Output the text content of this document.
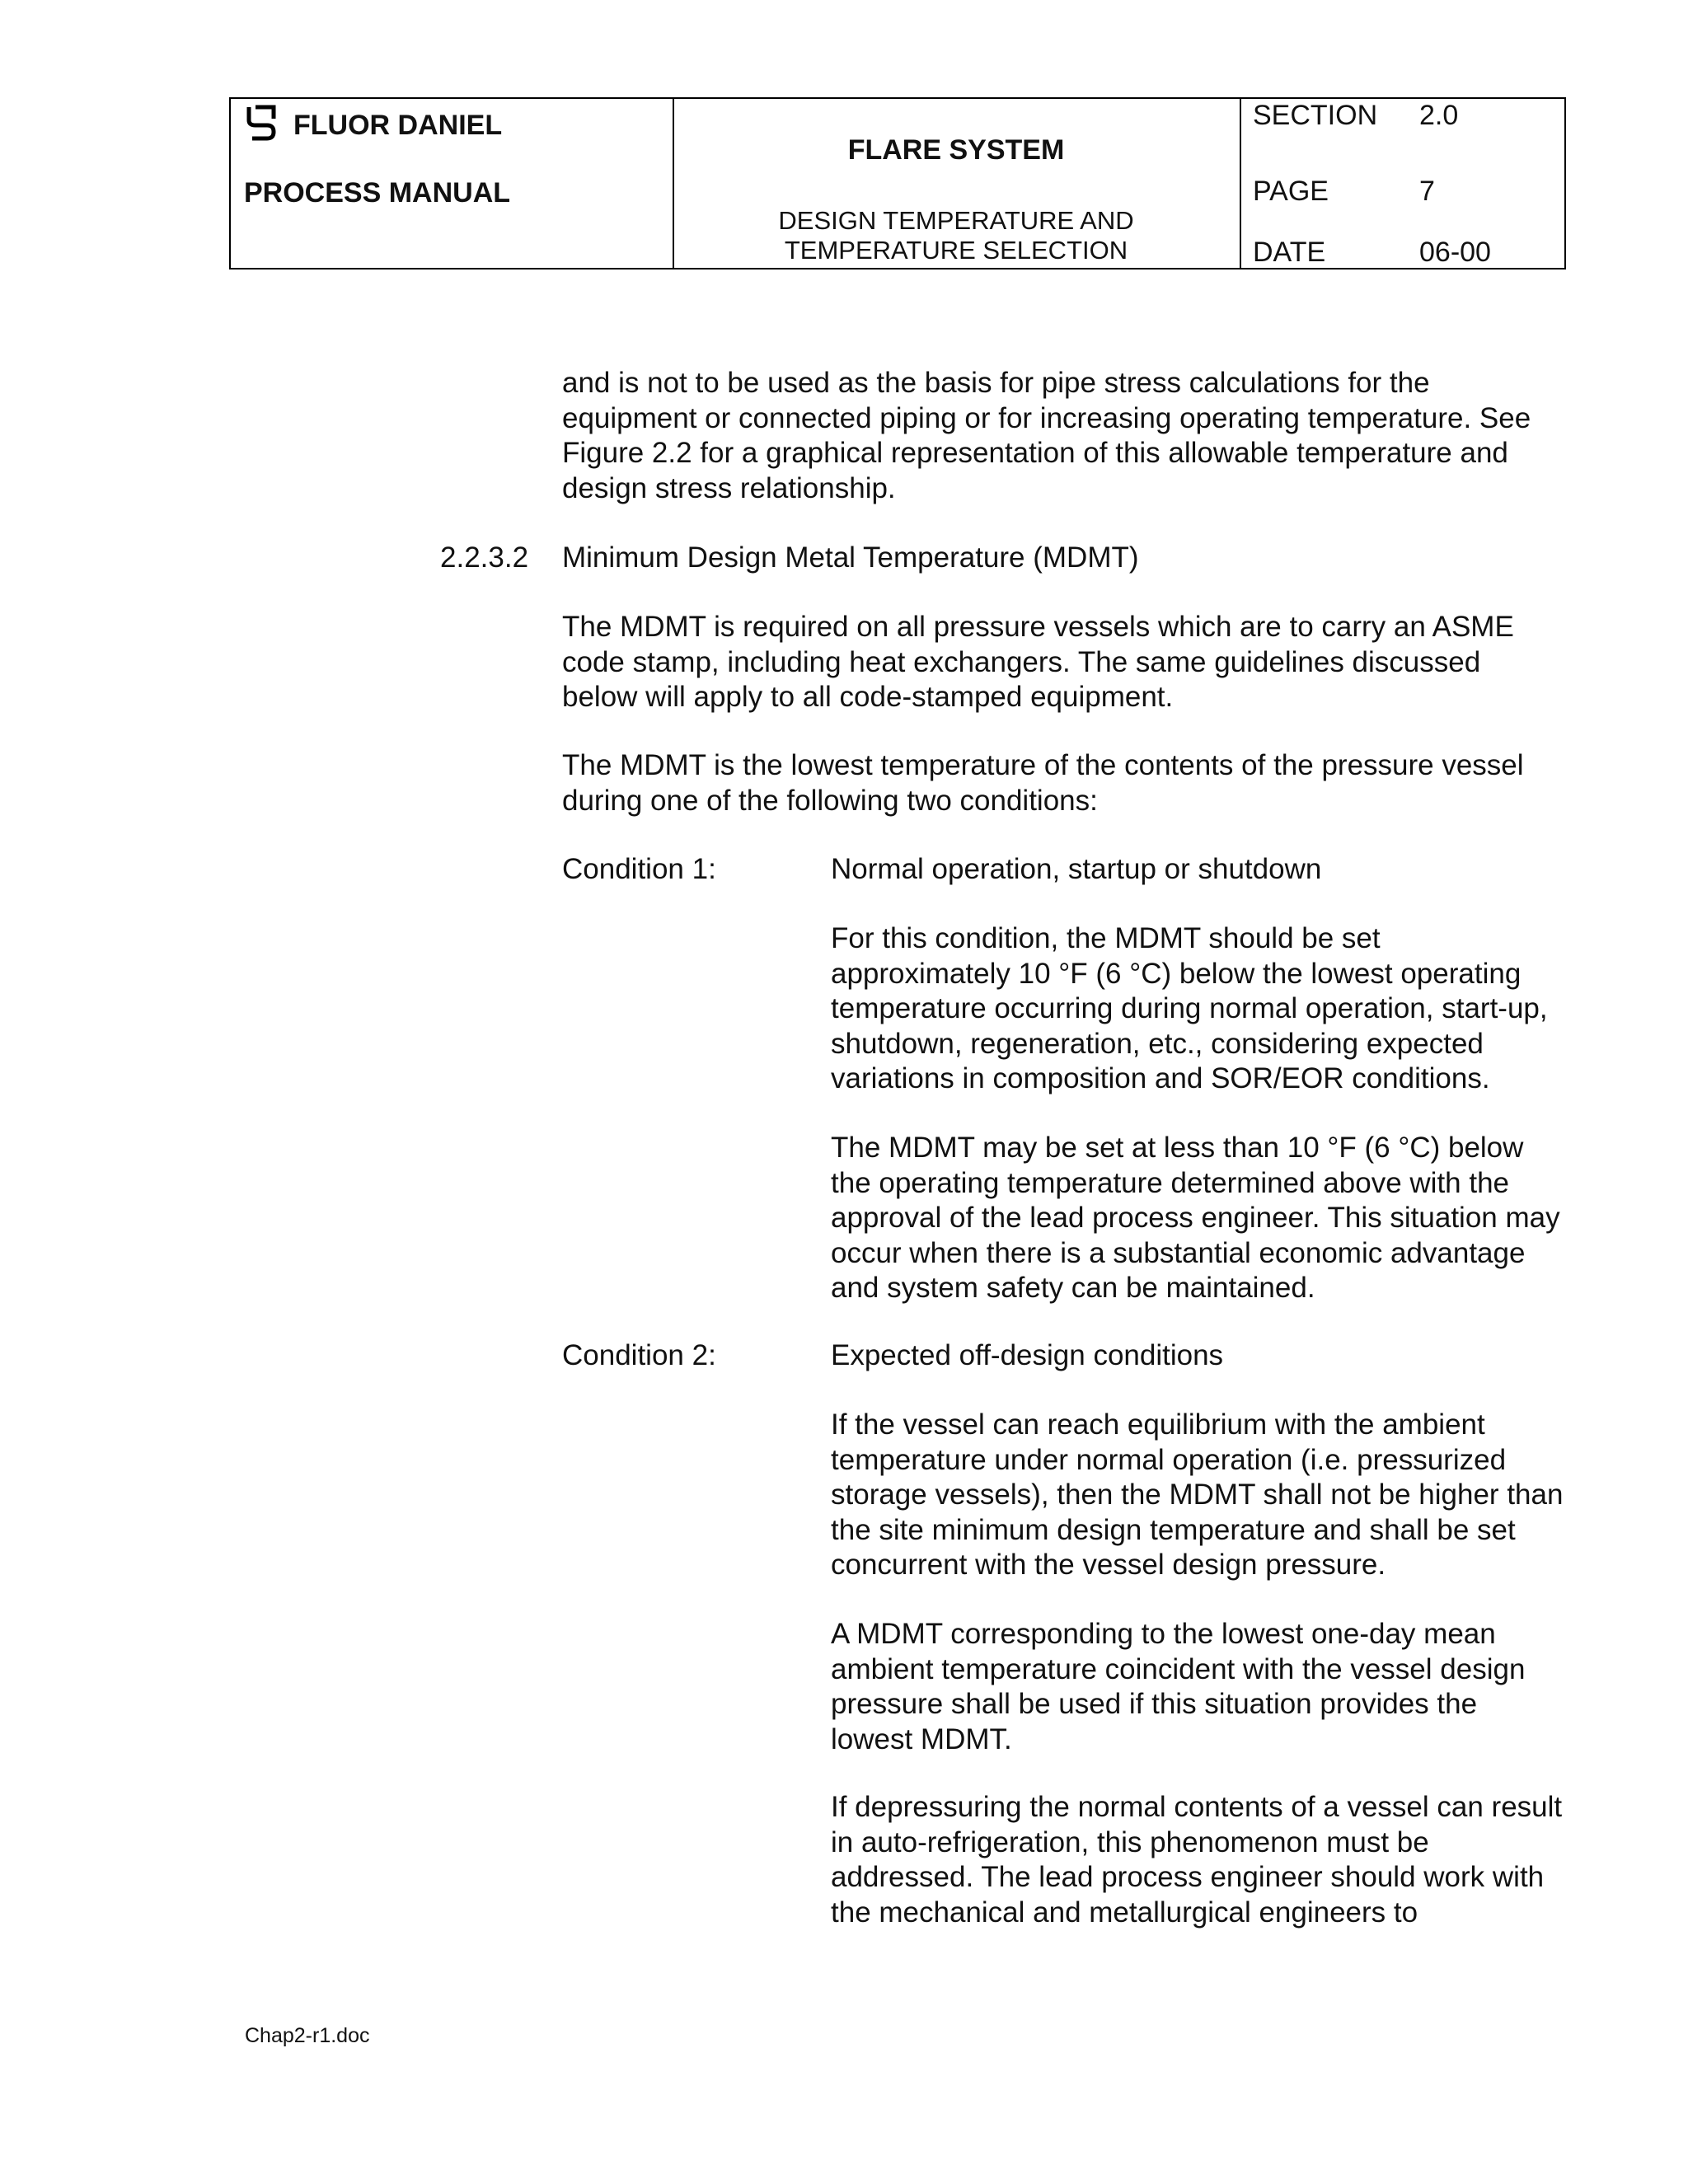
FLUOR DANIEL
PROCESS MANUAL
FLARE SYSTEM
DESIGN TEMPERATURE AND
TEMPERATURE SELECTION
SECTION 2.0
PAGE	7
DATE	06-00

and is not to be used as the basis for pipe stress calculations for the equipment or connected piping or for increasing operating temperature. See Figure 2.2 for a graphical representation of this allowable temperature and design stress relationship.

2.2.3.2 Minimum Design Metal Temperature (MDMT)

The MDMT is required on all pressure vessels which are to carry an ASME code stamp, including heat exchangers. The same guidelines discussed below will apply to all code-stamped equipment.

The MDMT is the lowest temperature of the contents of the pressure vessel during one of the following two conditions:

Condition 1:	Normal operation, startup or shutdown

For this condition, the MDMT should be set approximately 10 °F (6 °C) below the lowest operating temperature occurring during normal operation, start-up, shutdown, regeneration, etc., considering expected variations in composition and SOR/EOR conditions.

The MDMT may be set at less than 10 °F (6 °C) below the operating temperature determined above with the approval of the lead process engineer. This situation may occur when there is a substantial economic advantage and system safety can be maintained.

Condition 2:	Expected off-design conditions

If the vessel can reach equilibrium with the ambient temperature under normal operation (i.e. pressurized storage vessels), then the MDMT shall not be higher than the site minimum design temperature and shall be set concurrent with the vessel design pressure.

A MDMT corresponding to the lowest one-day mean ambient temperature coincident with the vessel design pressure shall be used if this situation provides the lowest MDMT.

If depressuring the normal contents of a vessel can result in auto-refrigeration, this phenomenon must be addressed. The lead process engineer should work with the mechanical and metallurgical engineers to

Chap2-r1.doc
